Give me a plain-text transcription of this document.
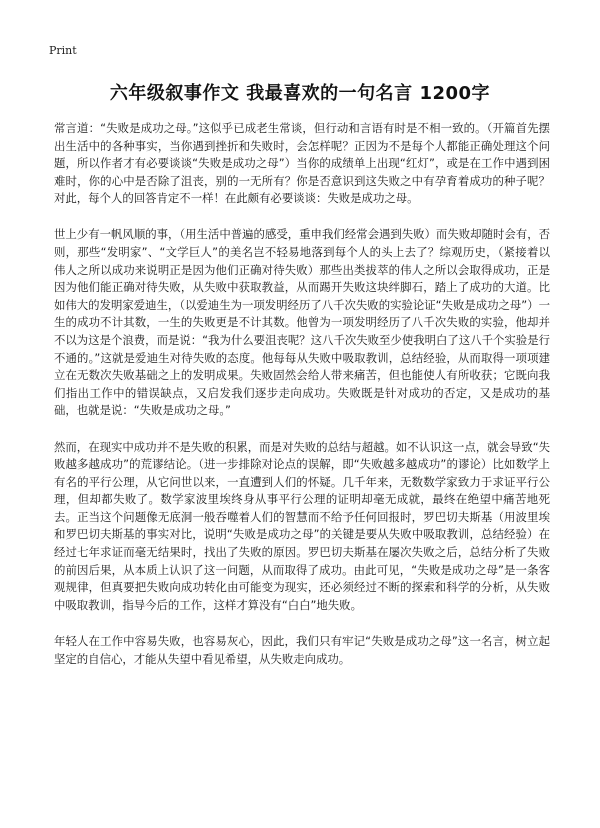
Print
六年级叙事作文 我最喜欢的一句名言 1200字

常言道：“失败是成功之母。”这似乎已成老生常谈，但行动和言语有时是不相一致的。（开篇首先摆出生活中的各种事实，当你遇到挫折和失败时，会怎样呢？正因为不是每个人都能正确处理这个问题，所以作者才有必要谈谈“失败是成功之母”）当你的成绩单上出现“红灯”，或是在工作中遇到困难时，你的心中是否除了沮丧，别的一无所有？你是否意识到这失败之中有孕育着成功的种子呢？对此，每个人的回答肯定不一样！在此颇有必要谈谈：失败是成功之母。

世上少有一帆风顺的事，（用生活中普遍的感受，重申我们经常会遇到失败）而失败却随时会有，否则，那些“发明家”、“文学巨人”的美名岂不轻易地落到每个人的头上去了？综观历史，（紧接着以伟人之所以成功来说明正是因为他们正确对待失败）那些出类拔萃的伟人之所以会取得成功，正是因为他们能正确对待失败，从失败中获取教益，从而踢开失败这块绊脚石，踏上了成功的大道。比如伟大的发明家爱迪生，（以爱迪生为一项发明经历了八千次失败的实验论证“失败是成功之母”）一生的成功不计其数，一生的失败更是不计其数。他曾为一项发明经历了八千次失败的实验，他却并不以为这是个浪费，而是说：“我为什么要沮丧呢？这八千次失败至少使我明白了这八千个实验是行不通的。”这就是爱迪生对待失败的态度。他每每从失败中吸取教训，总结经验，从而取得一项项建立在无数次失败基础之上的发明成果。失败固然会给人带来痛苦，但也能使人有所收获；它既向我们指出工作中的错误缺点，又启发我们逐步走向成功。失败既是针对成功的否定，又是成功的基础，也就是说：“失败是成功之母。”

然而，在现实中成功并不是失败的积累，而是对失败的总结与超越。如不认识这一点，就会导致“失败越多越成功”的荒谬结论。（进一步排除对论点的误解，即“失败越多越成功”的谬论）比如数学上有名的平行公理，从它问世以来，一直遭到人们的怀疑。几千年来，无数数学家致力于求证平行公理，但却都失败了。数学家波里埃终身从事平行公理的证明却毫无成就，最终在绝望中痛苦地死去。正当这个问题像无底洞一般吞噬着人们的智慧而不给予任何回报时，罗巴切夫斯基（用波里埃和罗巴切夫斯基的事实对比，说明“失败是成功之母”的关键是要从失败中吸取教训，总结经验）在经过七年求证而毫无结果时，找出了失败的原因。罗巴切夫斯基在屡次失败之后，总结分析了失败的前因后果，从本质上认识了这一问题，从而取得了成功。由此可见，“失败是成功之母”是一条客观规律，但真要把失败向成功转化由可能变为现实，还必须经过不断的探索和科学的分析，从失败中吸取教训，指导今后的工作，这样才算没有“白白”地失败。

年轻人在工作中容易失败，也容易灰心，因此，我们只有牢记“失败是成功之母”这一名言，树立起坚定的自信心，才能从失望中看见希望，从失败走向成功。
